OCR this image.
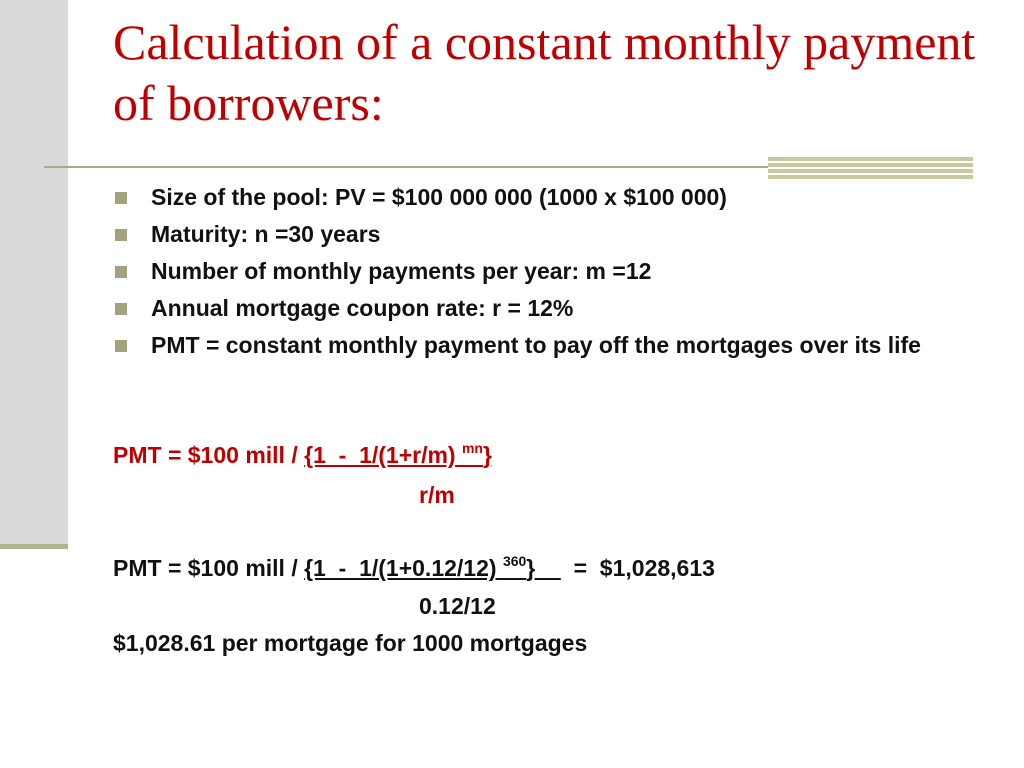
Calculation of a constant monthly payment of borrowers:
Size of the pool: PV = $100 000 000 (1000 x $100 000)
Maturity: n =30 years
Number of monthly payments per year: m =12
Annual mortgage coupon rate: r = 12%
PMT = constant monthly payment to pay off the mortgages over its life
PMT = $100 mill / {1  -  1/(1+r/m) $^{mn}$}
r/m
PMT = $100 mill / {1  -  1/(1+0.12/12) $^{360}$}      =  $1,028,613
0.12/12
$1,028.61 per mortgage for 1000 mortgages
